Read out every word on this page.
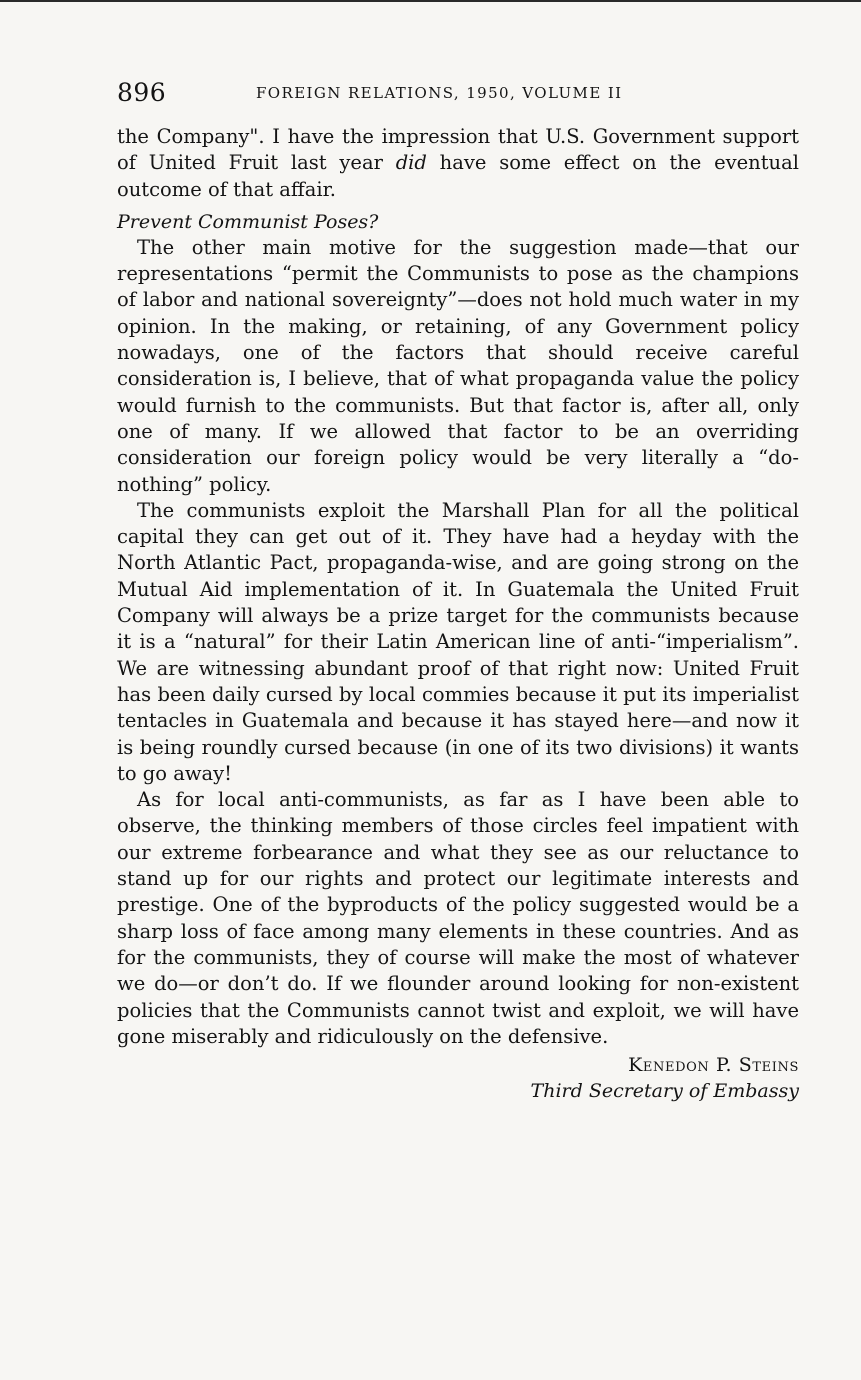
896	FOREIGN RELATIONS, 1950, VOLUME II

the Company". I have the impression that U.S. Government support of United Fruit last year did have some effect on the eventual outcome of that affair.

Prevent Communist Poses?

The other main motive for the suggestion made—that our representations “permit the Communists to pose as the champions of labor and national sovereignty”—does not hold much water in my opinion. In the making, or retaining, of any Government policy nowadays, one of the factors that should receive careful consideration is, I believe, that of what propaganda value the policy would furnish to the communists. But that factor is, after all, only one of many. If we allowed that factor to be an overriding consideration our foreign policy would be very literally a “do-nothing” policy.

The communists exploit the Marshall Plan for all the political capital they can get out of it. They have had a heyday with the North Atlantic Pact, propaganda-wise, and are going strong on the Mutual Aid implementation of it. In Guatemala the United Fruit Company will always be a prize target for the communists because it is a “natural” for their Latin American line of anti-“imperialism”. We are witnessing abundant proof of that right now: United Fruit has been daily cursed by local commies because it put its imperialist tentacles in Guatemala and because it has stayed here—and now it is being roundly cursed because (in one of its two divisions) it wants to go away!

As for local anti-communists, as far as I have been able to observe, the thinking members of those circles feel impatient with our extreme forbearance and what they see as our reluctance to stand up for our rights and protect our legitimate interests and prestige. One of the byproducts of the policy suggested would be a sharp loss of face among many elements in these countries. And as for the communists, they of course will make the most of whatever we do—or don’t do. If we flounder around looking for non-existent policies that the Communists cannot twist and exploit, we will have gone miserably and ridiculously on the defensive.

Kenedon P. Steins
Third Secretary of Embassy
